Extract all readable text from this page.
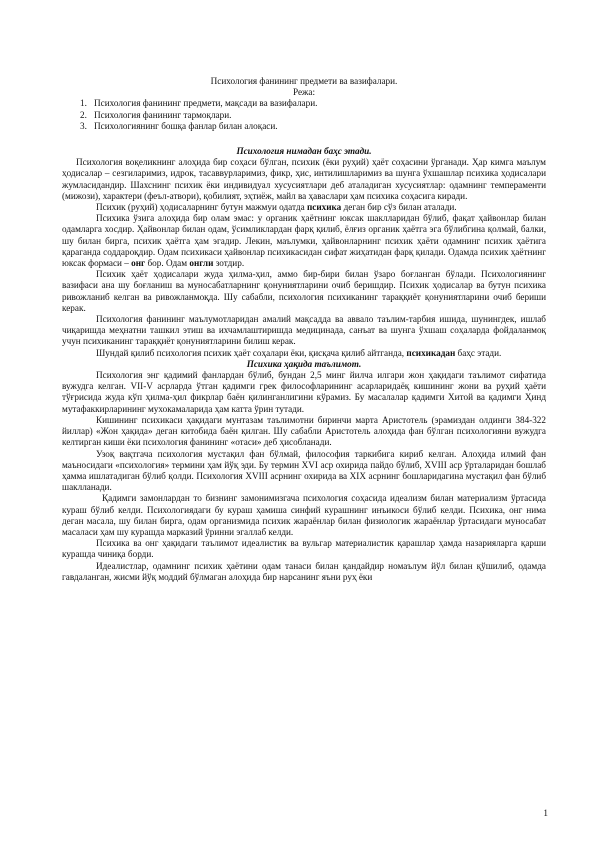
Психология фанининг предмети ва вазифалари.

Режа:

1. Психология фанининг предмети, мақсади ва вазифалари.
2. Психология фанининг тармоқлари.
3. Психологиянинг бошқа фанлар билан алоқаси.

Психология нимадан баҳс этади.

Психология воқеликнинг алоҳида бир соҳаси бўлган, психик (ёки руҳий) ҳаёт соҳасини ўрганади. Ҳар кимга маълум ҳодисалар – сезгиларимиз, идрок, тасаввурларимиз, фикр, ҳис, интилишларимиз ва шунга ўхшашлар психика ҳодисалари жумласидандир. Шахснинг психик ёки индивидуал хусусиятлари деб аталадиган хусусиятлар: одамнинг темпераменти (мижози), характери (феъл-атвори), қобилият, эҳтиёж, майл ва ҳаваслари ҳам психика соҳасига киради.

Психик (руҳий) ҳодисаларнинг бутун мажмуи одатда психика деган бир сўз билан аталади.

Психика ўзига алоҳида бир олам эмас: у органик ҳаётнинг юксак шаклларидан бўлиб, фақат ҳайвонлар билан одамларга хосдир. Ҳайвонлар билан одам, ўсимликлардан фарқ қилиб, ёлғиз органик ҳаётга эга бўлибгина қолмай, балки, шу билан бирга, психик ҳаётга ҳам эгадир. Лекин, маълумки, ҳайвонларнинг психик ҳаёти одамнинг психик ҳаётига қараганда соддароқдир. Одам психикаси ҳайвонлар психикасидан сифат жиҳатидан фарқ қилади. Одамда психик ҳаётнинг юксак формаси – онг бор. Одам онгли зотдир.

Психик ҳаёт ҳодисалари жуда ҳилма-ҳил, аммо бир-бири билан ўзаро боғланган бўлади. Психологиянинг вазифаси ана шу боғланиш ва муносабатларнинг қонуниятларини очиб беришдир. Психик ҳодисалар ва бутун психика ривожланиб келган ва ривожланмоқда. Шу сабабли, психология психиканинг тараққиёт қонуниятларини очиб бериши керак.

Психология фанининг маълумотларидан амалий мақсадда ва аввало таълим-тарбия ишида, шунингдек, ишлаб чиқаришда меҳнатни ташкил этиш ва ихчамлаштиришда медицинада, санъат ва шунга ўхшаш соҳаларда фойдаланмоқ учун психиканинг тараққиёт қонуниятларини билиш керак.

Шундай қилиб психология психик ҳаёт соҳалари ёки, қисқача қилиб айтганда, психикадан баҳс этади.

Психика ҳақида таълимот.

Психология энг қадимий фанлардан бўлиб, бундан 2,5 минг йилча илгари жон ҳақидаги таълимот сифатида вужудга келган. VII-V асрларда ўтган қадимги грек философларининг асарларидаёқ кишининг жони ва руҳий ҳаёти тўғрисида жуда кўп ҳилма-ҳил фикрлар баён қилинганлигини кўрамиз. Бу масалалар қадимги Хитой ва қадимги Ҳинд мутафаккирларининг мухокамаларида ҳам катта ўрин тутади.

Кишининг психикаси ҳақидаги мунтазам таълимотни биринчи марта Аристотель (эрамиздан олдинги 384-322 йиллар) «Жон ҳақида» деган китобида баён қилган. Шу сабабли Аристотель алоҳида фан бўлган психологияни вужудга келтирган киши ёки психология фанининг «отаси» деб ҳисобланади.

Узоқ вақтгача психология мустақил фан бўлмай, философия таркибига кириб келган. Алоҳида илмий фан маъносидаги «психология» термини ҳам йўқ эди. Бу термин XVI аср охирида пайдо бўлиб, XVIII аср ўрталаридан бошлаб ҳамма ишлатадиган бўлиб қолди. Психология XVIII асрнинг охирида ва XIX асрнинг бошларидагина мустақил фан бўлиб шаклланади.

Қадимги замонлардан то бизнинг замонимизгача психология соҳасида идеализм билан материализм ўртасида кураш бўлиб келди. Психологиядаги бу кураш ҳамиша синфий курашнинг инъикоси бўлиб келди. Психика, онг нима деган масала, шу билан бирга, одам организмида психик жараёнлар билан физиологик жараёнлар ўртасидаги муносабат масаласи ҳам шу курашда марказий ўринни эгаллаб келди.

Психика ва онг ҳақидаги таълимот идеалистик ва вульгар материалистик қарашлар ҳамда назарияларга қарши курашда чиниқа борди.

Идеалистлар, одамнинг психик ҳаётини одам танаси билан қандайдир номаълум йўл билан қўшилиб, одамда гавдаланган, жисми йўқ моддий бўлмаган алоҳида бир нарсанинг яъни руҳ ёки

1
